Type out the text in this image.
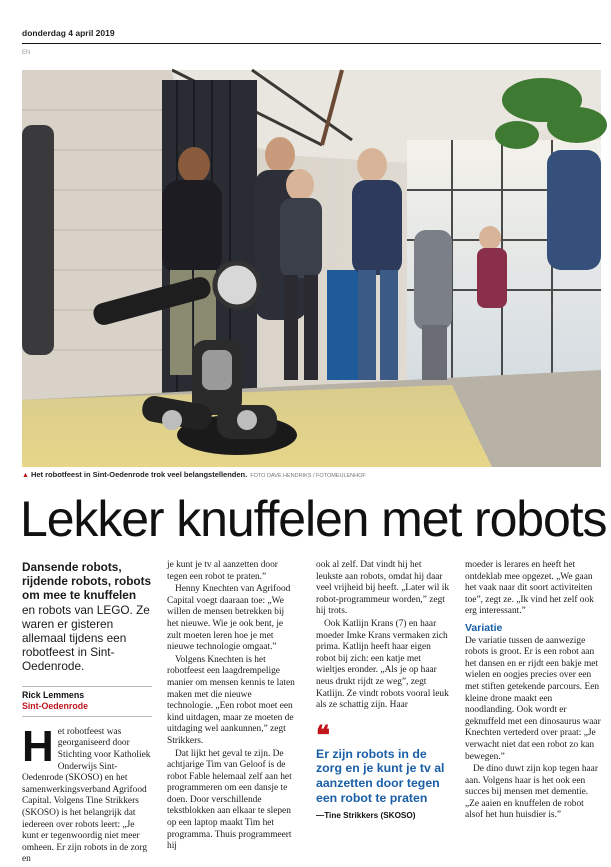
donderdag 4 april 2019
EN
▲ Het robotfeest in Sint-Oedenrode trok veel belangstellenden. FOTO DAVE HENDRIKS / FOTOMEULENHOF
Lekker knuffelen met robots
Dansende robots, rijdende robots, robots om mee te knuffelen en robots van LEGO. Ze waren er gisteren allemaal tijdens een robotfeest in Sint-Oedenrode.
Rick Lemmens
Sint-Oedenrode

Het robotfeest was georganiseerd door Stichting voor Katholiek Onderwijs Sint-Oedenrode (SKOSO) en het samenwerkingsverband Agrifood Capital. Volgens Tine Strikkers (SKOSO) is het belangrijk dat iedereen over robots leert: „Je kunt er tegenwoordig niet meer omheen. Er zijn robots in de zorg en

je kunt je tv al aanzetten door tegen een robot te praten.”

Henny Knechten van Agrifood Capital voegt daaraan toe: „We willen de mensen betrekken bij het nieuwe. Wie je ook bent, je zult moeten leren hoe je met nieuwe technologie omgaat.”

Volgens Knechten is het robotfeest een laagdrempelige manier om mensen kennis te laten maken met die nieuwe technologie. „Een robot moet een kind uitdagen, maar ze moeten de uitdaging wel aankunnen,” zegt Strikkers.

Dat lijkt het geval te zijn. De achtjarige Tim van Geloof is de robot Fable helemaal zelf aan het programmeren om een dansje te doen. Door verschillende tekstblokken aan elkaar te slepen op een laptop maakt Tim het programma. Thuis programmeert hij

ook al zelf. Dat vindt hij het leukste aan robots, omdat hij daar veel vrijheid bij heeft. „Later wil ik robot-programmeur worden,” zegt hij trots.

Ook Katlijn Krans (7) en haar moeder Imke Krans vermaken zich prima. Katlijn heeft haar eigen robot bij zich: een katje met wieltjes eronder. „Als je op haar neus drukt rijdt ze weg”, zegt Katlijn. Ze vindt robots vooral leuk als ze schattig zijn. Haar

❝
Er zijn robots in de zorg en je kunt je tv al aanzetten door tegen een robot te praten
—Tine Strikkers (SKOSO)

moeder is lerares en heeft het ontdeklab mee opgezet. „We gaan het vaak naar dit soort activiteiten toe”, zegt ze. „Ik vind het zelf ook erg interessant.”

Variatie

De variatie tussen de aanwezige robots is groot. Er is een robot aan het dansen en er rijdt een bakje met wielen en oogjes precies over een met stiften getekende parcours. Een kleine drone maakt een noodlanding. Ook wordt er geknuffeld met een dinosaurus waar Knechten vertederd over praat: „Je verwacht niet dat een robot zo kan bewegen.”

De dino duwt zijn kop tegen haar aan. Volgens haar is het ook een succes bij mensen met dementie. „Ze aaien en knuffelen de robot alsof het hun huisdier is.”
